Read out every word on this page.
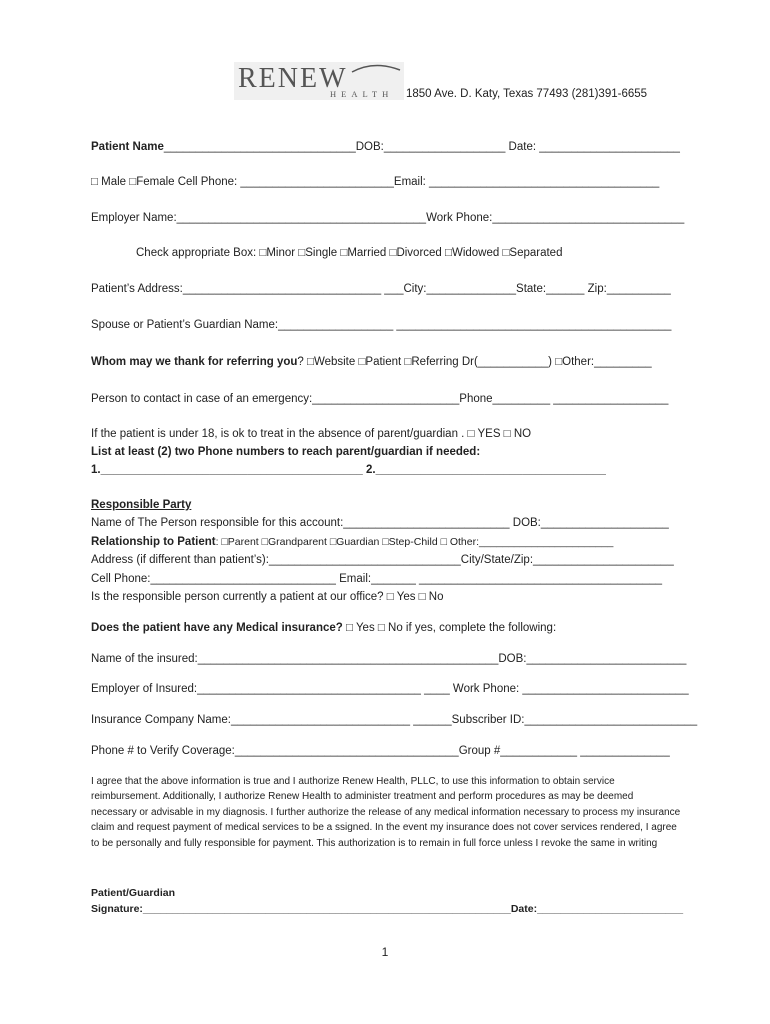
RENEW
HEALTH 1850 Ave. D. Katy, Texas 77493 (281)391-6655
Patient Name______________________________DOB:___________________ Date: ______________________
□ Male □Female Cell Phone: ________________________Email: ____________________________________
Employer Name:_______________________________________Work Phone:______________________________
Check appropriate Box: □Minor □Single □Married □Divorced □Widowed □Separated
Patient’s Address:_______________________________ ___City:______________State:______ Zip:__________
Spouse or Patient’s Guardian Name:__________________ ___________________________________________
Whom may we thank for referring you? □Website □Patient □Referring Dr(___________) □Other:_________
Person to contact in case of an emergency:_______________________Phone_________ __________________
If the patient is under 18, is ok to treat in the absence of parent/guardian . □ YES □ NO
List at least (2) two Phone numbers to reach parent/guardian if needed:
1._________________________________________ 2.____________________________________
Responsible Party
Name of The Person responsible for this account:__________________________ DOB:____________________
Relationship to Patient: □Parent □Grandparent □Guardian □Step-Child □ Other:_______________________
Address (if different than patient’s):______________________________City/State/Zip:______________________
Cell Phone:_____________________________ Email:_______ ______________________________________
Is the responsible person currently a patient at our office? □ Yes □ No
Does the patient have any Medical insurance? □ Yes □ No if yes, complete the following:
Name of the insured:_______________________________________________DOB:_________________________
Employer of Insured:___________________________________ ____ Work Phone: __________________________
Insurance Company Name:____________________________ ______Subscriber ID:___________________________
Phone # to Verify Coverage:___________________________________Group #____________ ______________
I agree that the above information is true and I authorize Renew Health, PLLC, to use this information to obtain service reimbursement. Additionally, I authorize Renew Health to administer treatment and perform procedures as may be deemed necessary or advisable in my diagnosis. I further authorize the release of any medical information necessary to process my insurance claim and request payment of medical services to be a ssigned. In the event my insurance does not cover services rendered, I agree to be personally and fully responsible for payment. This authorization is to remain in full force unless I revoke the same in writing
Patient/Guardian
Signature:_______________________________________________________________Date:_________________________
1
